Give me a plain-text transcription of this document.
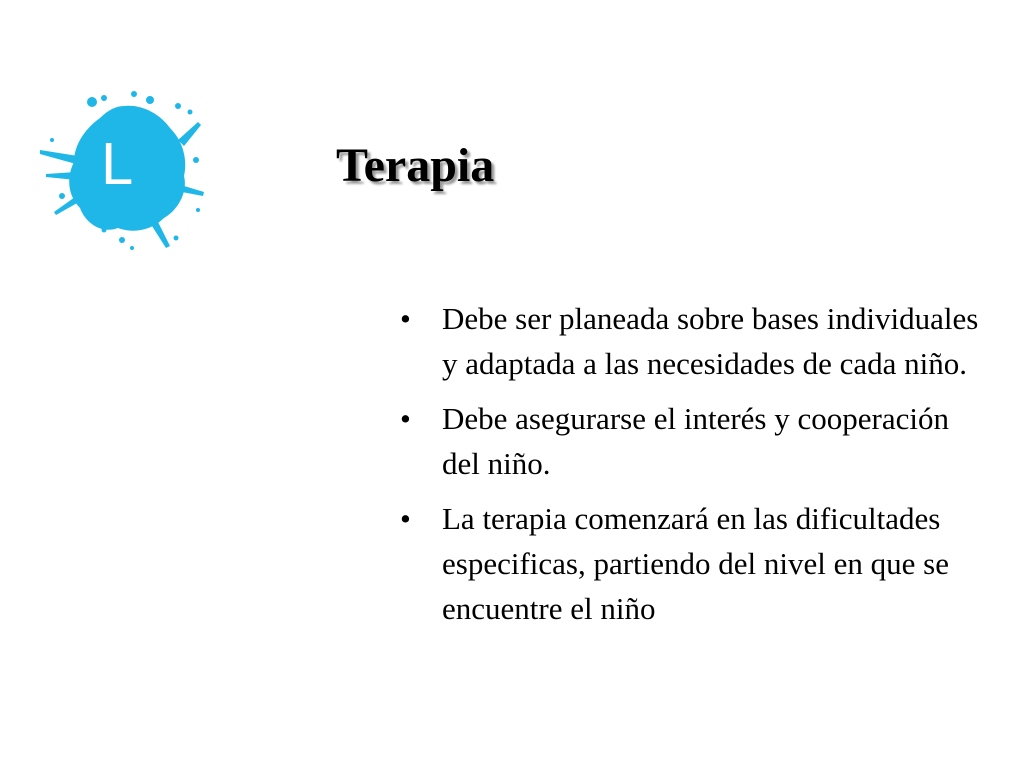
L	Terapia
• Debe ser planeada sobre bases individuales y adaptada a las necesidades de cada niño.
• Debe asegurarse el interés y cooperación del niño.
• La terapia comenzará en las dificultades especificas, partiendo del nivel en que se encuentre el niño
